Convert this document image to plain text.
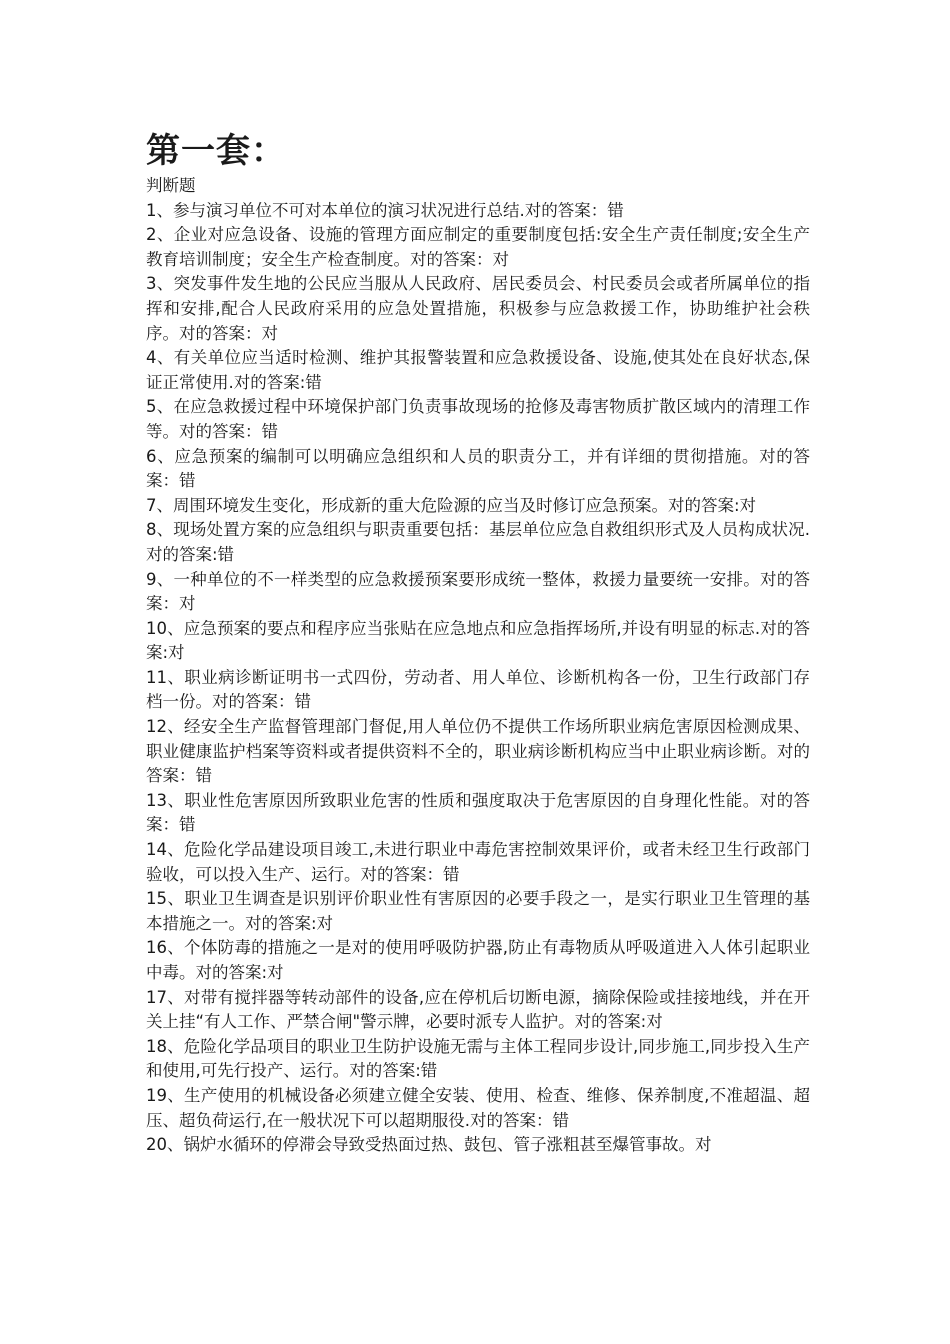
第一套：

判断题

1、参与演习单位不可对本单位的演习状况进行总结.对的答案：错
2、企业对应急设备、设施的管理方面应制定的重要制度包括:安全生产责任制度;安全生产教育培训制度；安全生产检查制度。对的答案：对
3、突发事件发生地的公民应当服从人民政府、居民委员会、村民委员会或者所属单位的指挥和安排,配合人民政府采用的应急处置措施，积极参与应急救援工作，协助维护社会秩序。对的答案：对
4、有关单位应当适时检测、维护其报警装置和应急救援设备、设施,使其处在良好状态,保证正常使用.对的答案:错
5、在应急救援过程中环境保护部门负责事故现场的抢修及毒害物质扩散区域内的清理工作等。对的答案：错
6、应急预案的编制可以明确应急组织和人员的职责分工，并有详细的贯彻措施。对的答案：错
7、周围环境发生变化，形成新的重大危险源的应当及时修订应急预案。对的答案:对
8、现场处置方案的应急组织与职责重要包括：基层单位应急自救组织形式及人员构成状况.对的答案:错
9、一种单位的不一样类型的应急救援预案要形成统一整体，救援力量要统一安排。对的答案：对
10、应急预案的要点和程序应当张贴在应急地点和应急指挥场所,并设有明显的标志.对的答案:对
11、职业病诊断证明书一式四份，劳动者、用人单位、诊断机构各一份，卫生行政部门存档一份。对的答案：错
12、经安全生产监督管理部门督促,用人单位仍不提供工作场所职业病危害原因检测成果、职业健康监护档案等资料或者提供资料不全的，职业病诊断机构应当中止职业病诊断。对的答案：错
13、职业性危害原因所致职业危害的性质和强度取决于危害原因的自身理化性能。对的答案：错
14、危险化学品建设项目竣工,未进行职业中毒危害控制效果评价，或者未经卫生行政部门验收，可以投入生产、运行。对的答案：错
15、职业卫生调查是识别评价职业性有害原因的必要手段之一，是实行职业卫生管理的基本措施之一。对的答案:对
16、个体防毒的措施之一是对的使用呼吸防护器,防止有毒物质从呼吸道进入人体引起职业中毒。对的答案:对
17、对带有搅拌器等转动部件的设备,应在停机后切断电源，摘除保险或挂接地线，并在开关上挂“有人工作、严禁合闸"警示牌，必要时派专人监护。对的答案:对
18、危险化学品项目的职业卫生防护设施无需与主体工程同步设计,同步施工,同步投入生产和使用,可先行投产、运行。对的答案:错
19、生产使用的机械设备必须建立健全安装、使用、检查、维修、保养制度,不准超温、超压、超负荷运行,在一般状况下可以超期服役.对的答案：错
20、锅炉水循环的停滞会导致受热面过热、鼓包、管子涨粗甚至爆管事故。对
